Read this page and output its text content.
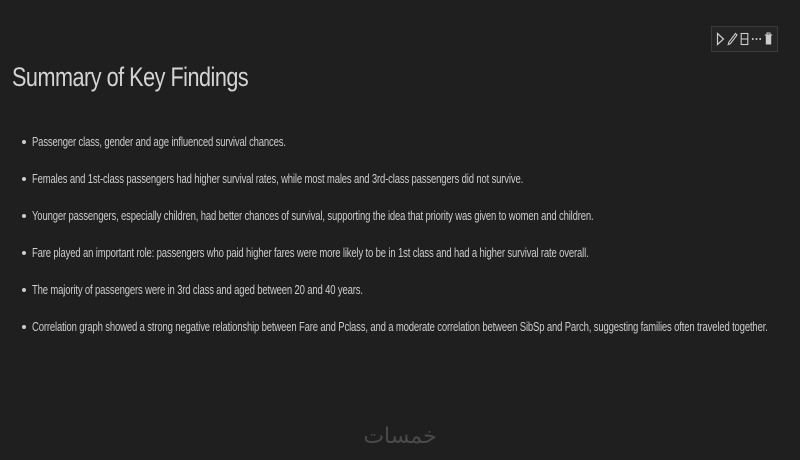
Summary of Key Findings
Passenger class, gender and age influenced survival chances.
Females and 1st-class passengers had higher survival rates, while most males and 3rd-class passengers did not survive.
Younger passengers, especially children, had better chances of survival, supporting the idea that priority was given to women and children.
Fare played an important role: passengers who paid higher fares were more likely to be in 1st class and had a higher survival rate overall.
The majority of passengers were in 3rd class and aged between 20 and 40 years.
Correlation graph showed a strong negative relationship between Fare and Pclass, and a moderate correlation between SibSp and Parch, suggesting families often traveled together.
خمسات
